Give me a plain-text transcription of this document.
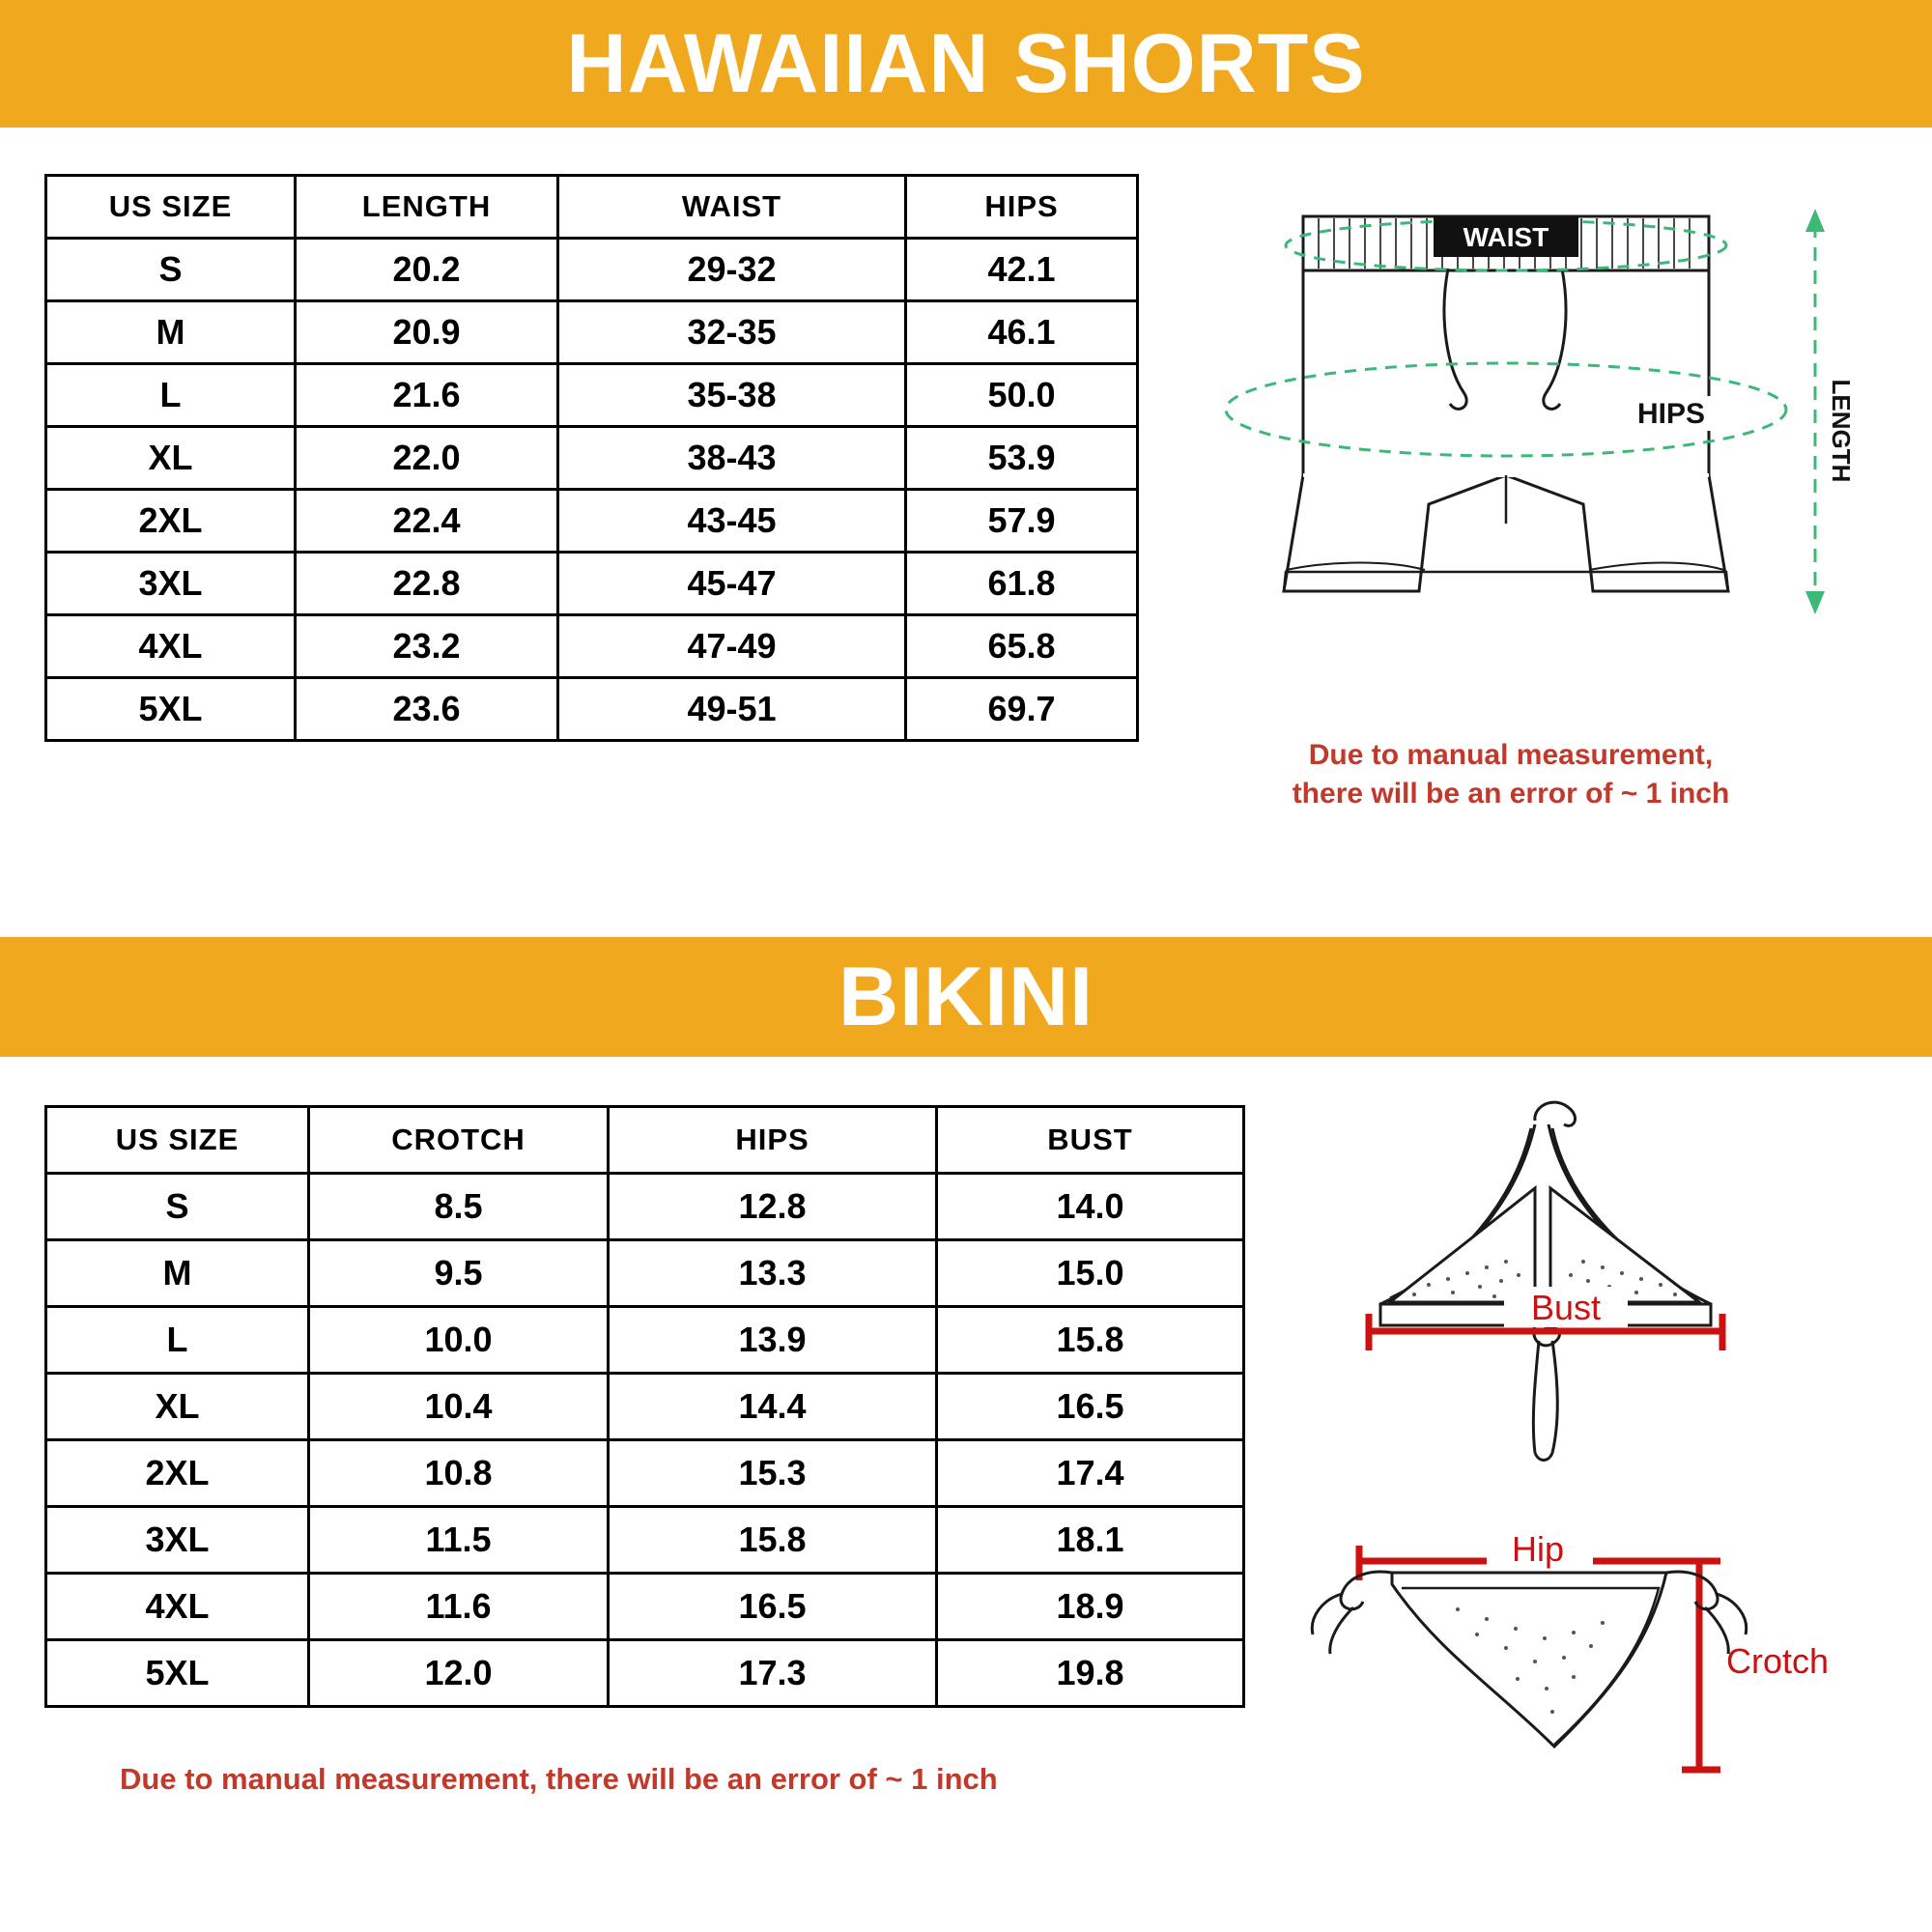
HAWAIIAN SHORTS
US SIZE	LENGTH	WAIST	HIPS
S	20.2	29-32	42.1
M	20.9	32-35	46.1
L	21.6	35-38	50.0
XL	22.0	38-43	53.9
2XL	22.4	43-45	57.9
3XL	22.8	45-47	61.8
4XL	23.2	47-49	65.8
5XL	23.6	49-51	69.7
WAIST
HIPS	LENGTH
Due to manual measurement,
there will be an error of ~ 1 inch
BIKINI
US SIZE	CROTCH	HIPS	BUST
S	8.5	12.8	14.0
M	9.5	13.3	15.0
L	10.0	13.9	15.8
XL	10.4	14.4	16.5
2XL	10.8	15.3	17.4
3XL	11.5	15.8	18.1
4XL	11.6	16.5	18.9
5XL	12.0	17.3	19.8
Due to manual measurement, there will be an error of ~ 1 inch
Bust
Hip
Crotch
